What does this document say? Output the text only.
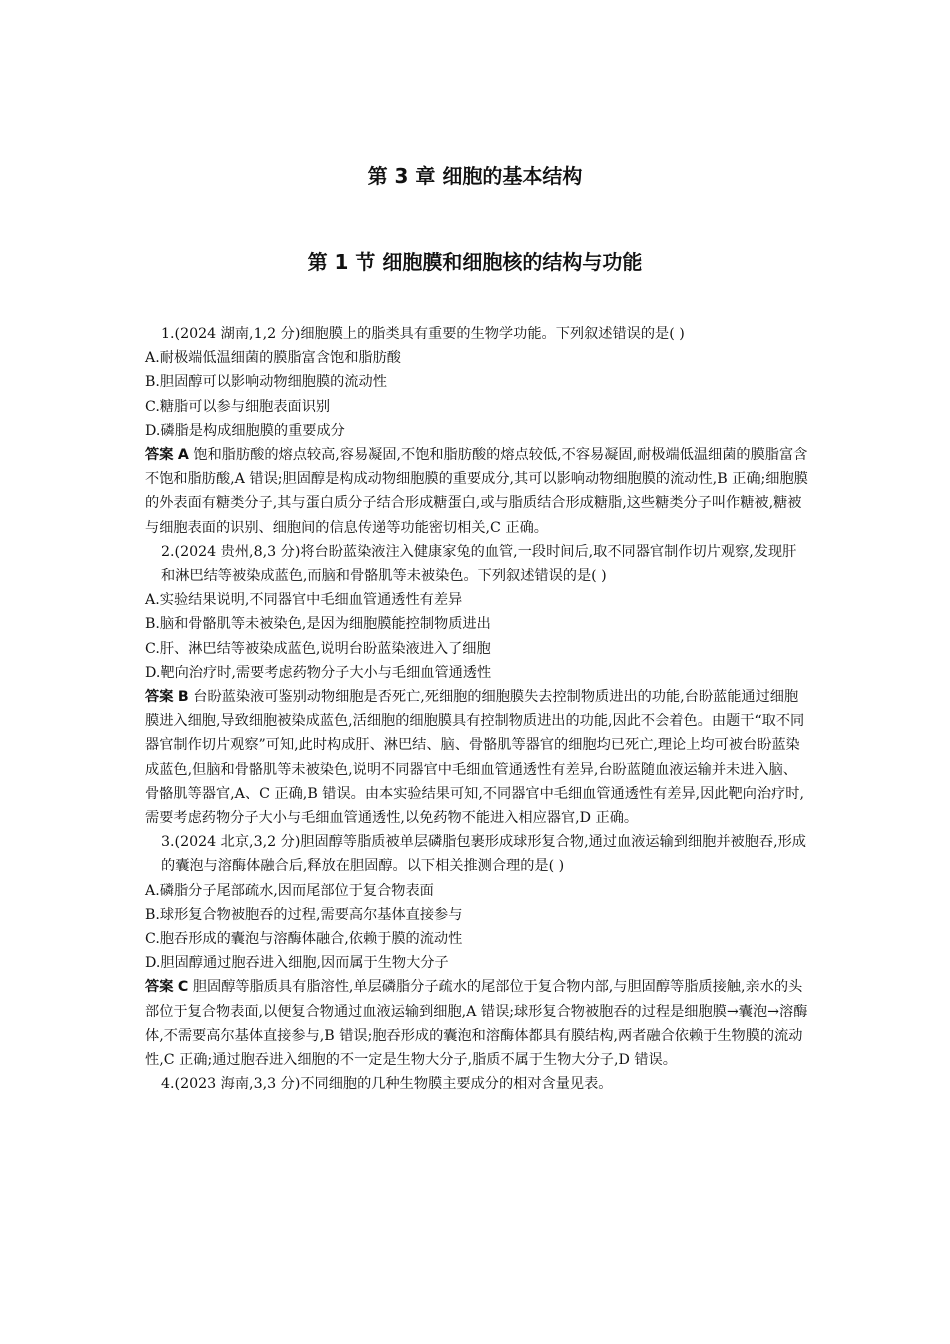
第 3 章 细胞的基本结构
第 1 节 细胞膜和细胞核的结构与功能

1.(2024 湖南,1,2 分)细胞膜上的脂类具有重要的生物学功能。下列叙述错误的是( )

A.耐极端低温细菌的膜脂富含饱和脂肪酸

B.胆固醇可以影响动物细胞膜的流动性

C.糖脂可以参与细胞表面识别

D.磷脂是构成细胞膜的重要成分

答案 A 饱和脂肪酸的熔点较高,容易凝固,不饱和脂肪酸的熔点较低,不容易凝固,耐极端低温细菌的膜脂富含不饱和脂肪酸,A 错误;胆固醇是构成动物细胞膜的重要成分,其可以影响动物细胞膜的流动性,B 正确;细胞膜的外表面有糖类分子,其与蛋白质分子结合形成糖蛋白,或与脂质结合形成糖脂,这些糖类分子叫作糖被,糖被与细胞表面的识别、细胞间的信息传递等功能密切相关,C 正确。

2.(2024 贵州,8,3 分)将台盼蓝染液注入健康家兔的血管,一段时间后,取不同器官制作切片观察,发现肝和淋巴结等被染成蓝色,而脑和骨骼肌等未被染色。下列叙述错误的是( )

A.实验结果说明,不同器官中毛细血管通透性有差异

B.脑和骨骼肌等未被染色,是因为细胞膜能控制物质进出

C.肝、淋巴结等被染成蓝色,说明台盼蓝染液进入了细胞

D.靶向治疗时,需要考虑药物分子大小与毛细血管通透性

答案 B 台盼蓝染液可鉴别动物细胞是否死亡,死细胞的细胞膜失去控制物质进出的功能,台盼蓝能通过细胞膜进入细胞,导致细胞被染成蓝色,活细胞的细胞膜具有控制物质进出的功能,因此不会着色。由题干“取不同器官制作切片观察”可知,此时构成肝、淋巴结、脑、骨骼肌等器官的细胞均已死亡,理论上均可被台盼蓝染成蓝色,但脑和骨骼肌等未被染色,说明不同器官中毛细血管通透性有差异,台盼蓝随血液运输并未进入脑、骨骼肌等器官,A、C 正确,B 错误。由本实验结果可知,不同器官中毛细血管通透性有差异,因此靶向治疗时,需要考虑药物分子大小与毛细血管通透性,以免药物不能进入相应器官,D 正确。

3.(2024 北京,3,2 分)胆固醇等脂质被单层磷脂包裹形成球形复合物,通过血液运输到细胞并被胞吞,形成的囊泡与溶酶体融合后,释放在胆固醇。以下相关推测合理的是( )

A.磷脂分子尾部疏水,因而尾部位于复合物表面

B.球形复合物被胞吞的过程,需要高尔基体直接参与

C.胞吞形成的囊泡与溶酶体融合,依赖于膜的流动性

D.胆固醇通过胞吞进入细胞,因而属于生物大分子

答案 C 胆固醇等脂质具有脂溶性,单层磷脂分子疏水的尾部位于复合物内部,与胆固醇等脂质接触,亲水的头部位于复合物表面,以便复合物通过血液运输到细胞,A 错误;球形复合物被胞吞的过程是细胞膜→囊泡→溶酶体,不需要高尔基体直接参与,B 错误;胞吞形成的囊泡和溶酶体都具有膜结构,两者融合依赖于生物膜的流动性,C 正确;通过胞吞进入细胞的不一定是生物大分子,脂质不属于生物大分子,D 错误。

4.(2023 海南,3,3 分)不同细胞的几种生物膜主要成分的相对含量见表。
